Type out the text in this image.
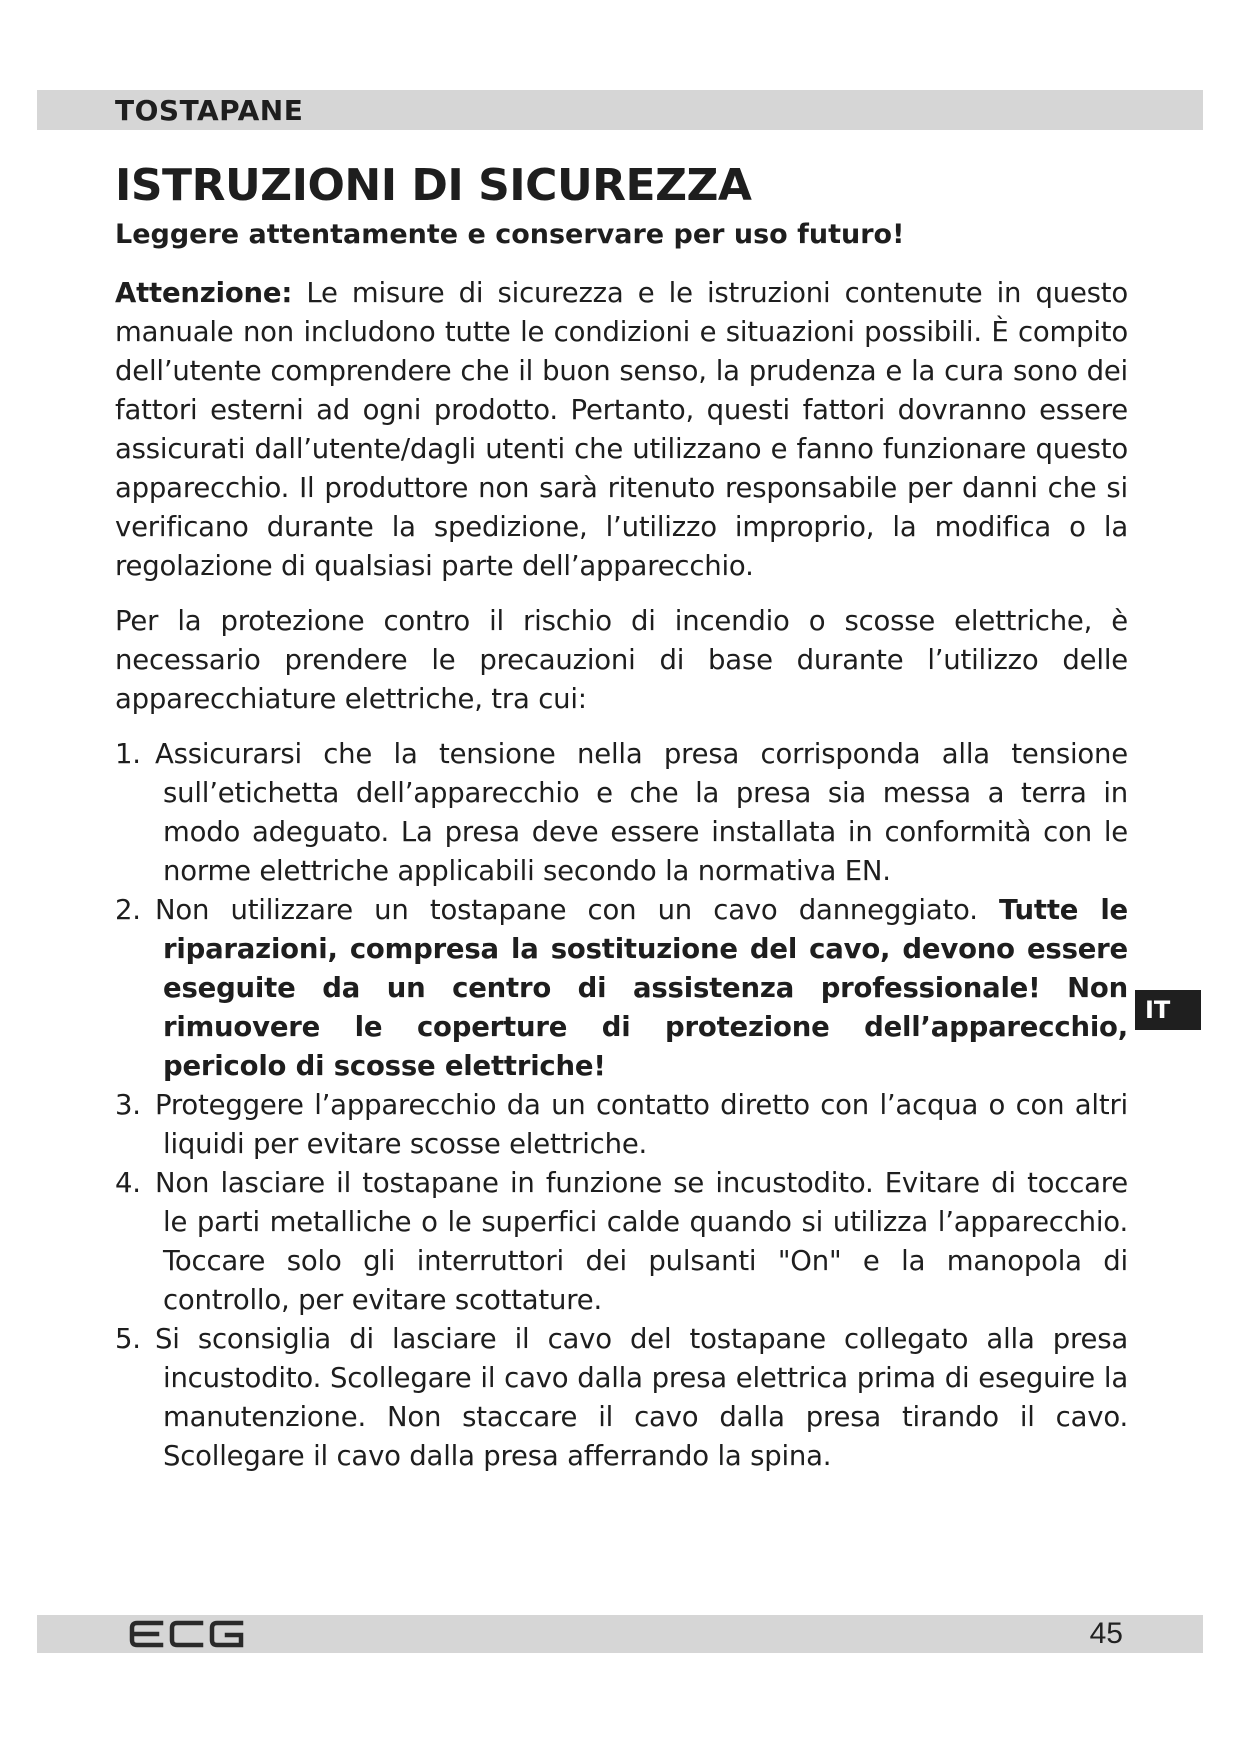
TOSTAPANE
ISTRUZIONI DI SICUREZZA
Leggere attentamente e conservare per uso futuro!

Attenzione: Le misure di sicurezza e le istruzioni contenute in questo manuale non includono tutte le condizioni e situazioni possibili. È compito dell’utente comprendere che il buon senso, la prudenza e la cura sono dei fattori esterni ad ogni prodotto. Pertanto, questi fattori dovranno essere assicurati dall’utente/dagli utenti che utilizzano e fanno funzionare questo apparecchio. Il produttore non sarà ritenuto responsabile per danni che si verificano durante la spedizione, l’utilizzo improprio, la modifica o la regolazione di qualsiasi parte dell’apparecchio.

Per la protezione contro il rischio di incendio o scosse elettriche, è necessario prendere le precauzioni di base durante l’utilizzo delle apparecchiature elettriche, tra cui:

1. Assicurarsi che la tensione nella presa corrisponda alla tensione sull’etichetta dell’apparecchio e che la presa sia messa a terra in modo adeguato. La presa deve essere installata in conformità con le norme elettriche applicabili secondo la normativa EN.
2. Non utilizzare un tostapane con un cavo danneggiato. Tutte le riparazioni, compresa la sostituzione del cavo, devono essere eseguite da un centro di assistenza professionale! Non rimuovere le coperture di protezione dell’apparecchio, pericolo di scosse elettriche!
3. Proteggere l’apparecchio da un contatto diretto con l’acqua o con altri liquidi per evitare scosse elettriche.
4. Non lasciare il tostapane in funzione se incustodito. Evitare di toccare le parti metalliche o le superfici calde quando si utilizza l’apparecchio. Toccare solo gli interruttori dei pulsanti "On" e la manopola di controllo, per evitare scottature.
5. Si sconsiglia di lasciare il cavo del tostapane collegato alla presa incustodito. Scollegare il cavo dalla presa elettrica prima di eseguire la manutenzione. Non staccare il cavo dalla presa tirando il cavo. Scollegare il cavo dalla presa afferrando la spina.
IT
45
